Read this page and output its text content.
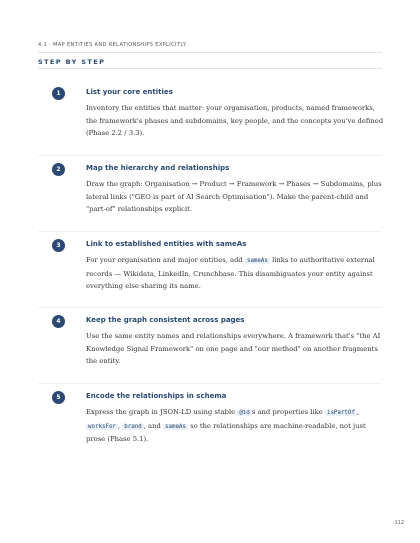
4.1 · MAP ENTITIES AND RELATIONSHIPS EXPLICITLY
STEP BY STEP
1	List your core entities
Inventory the entities that matter: your organisation, products, named frameworks, the framework's phases and subdomains, key people, and the concepts you've defined (Phase 2.2 / 3.3).
2	Map the hierarchy and relationships
Draw the graph: Organisation → Product → Framework → Phases → Subdomains, plus lateral links ("GEO is part of AI Search Optimisation"). Make the parent-child and "part-of" relationships explicit.
3	Link to established entities with sameAs
For your organisation and major entities, add sameAs links to authoritative external records — Wikidata, LinkedIn, Crunchbase. This disambiguates your entity against everything else sharing its name.
4	Keep the graph consistent across pages
Use the same entity names and relationships everywhere. A framework that's "the AI Knowledge Signal Framework" on one page and "our method" on another fragments the entity.
5	Encode the relationships in schema
Express the graph in JSON-LD using stable @id s and properties like isPartOf , worksFor , brand , and sameAs so the relationships are machine-readable, not just prose (Phase 5.1).
112
